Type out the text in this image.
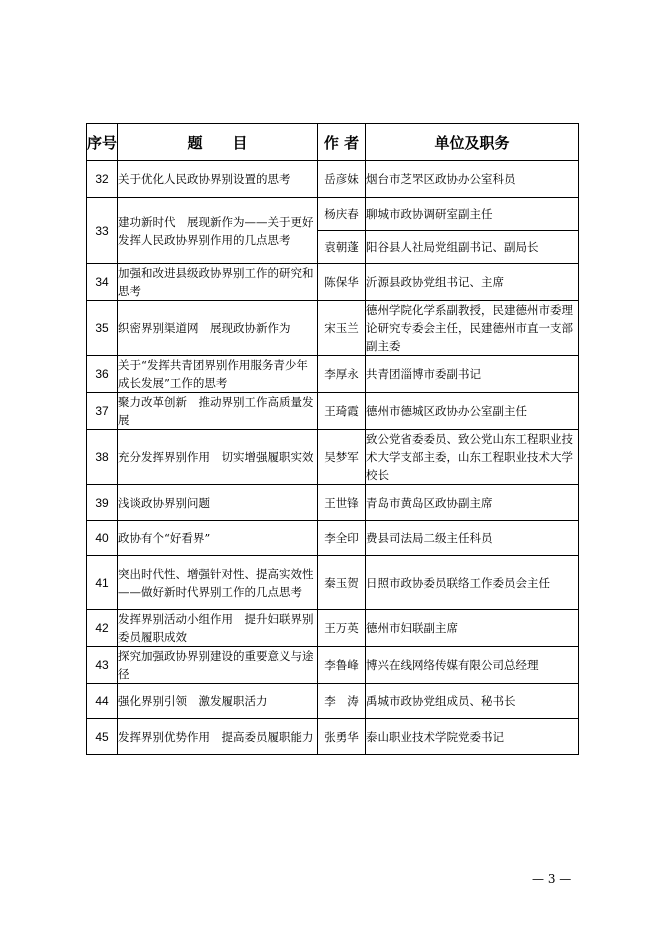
序号	题　　目	作 者	单位及职务
32	关于优化人民政协界别设置的思考	岳彦妹	烟台市芝罘区政协办公室科员
33	建功新时代　展现新作为——关于更好发挥人民政协界别作用的几点思考	杨庆春	聊城市政协调研室副主任
		袁朝蓬	阳谷县人社局党组副书记、副局长
34	加强和改进县级政协界别工作的研究和思考	陈保华	沂源县政协党组书记、主席
35	织密界别渠道网　展现政协新作为	宋玉兰	德州学院化学系副教授，民建德州市委理论研究专委会主任，民建德州市直一支部副主委
36	关于“发挥共青团界别作用服务青少年成长发展”工作的思考	李厚永	共青团淄博市委副书记
37	聚力改革创新　推动界别工作高质量发展	王琦霞	德州市德城区政协办公室副主任
38	充分发挥界别作用　切实增强履职实效	吴梦军	致公党省委委员、致公党山东工程职业技术大学支部主委，山东工程职业技术大学校长
39	浅谈政协界别问题	王世锋	青岛市黄岛区政协副主席
40	政协有个“好看界”	李全印	费县司法局二级主任科员
41	突出时代性、增强针对性、提高实效性——做好新时代界别工作的几点思考	秦玉贺	日照市政协委员联络工作委员会主任
42	发挥界别活动小组作用　提升妇联界别委员履职成效	王万英	德州市妇联副主席
43	探究加强政协界别建设的重要意义与途径	李鲁峰	博兴在线网络传媒有限公司总经理
44	强化界别引领　激发履职活力	李　涛	禹城市政协党组成员、秘书长
45	发挥界别优势作用　提高委员履职能力	张勇华	泰山职业技术学院党委书记
— 3 —
